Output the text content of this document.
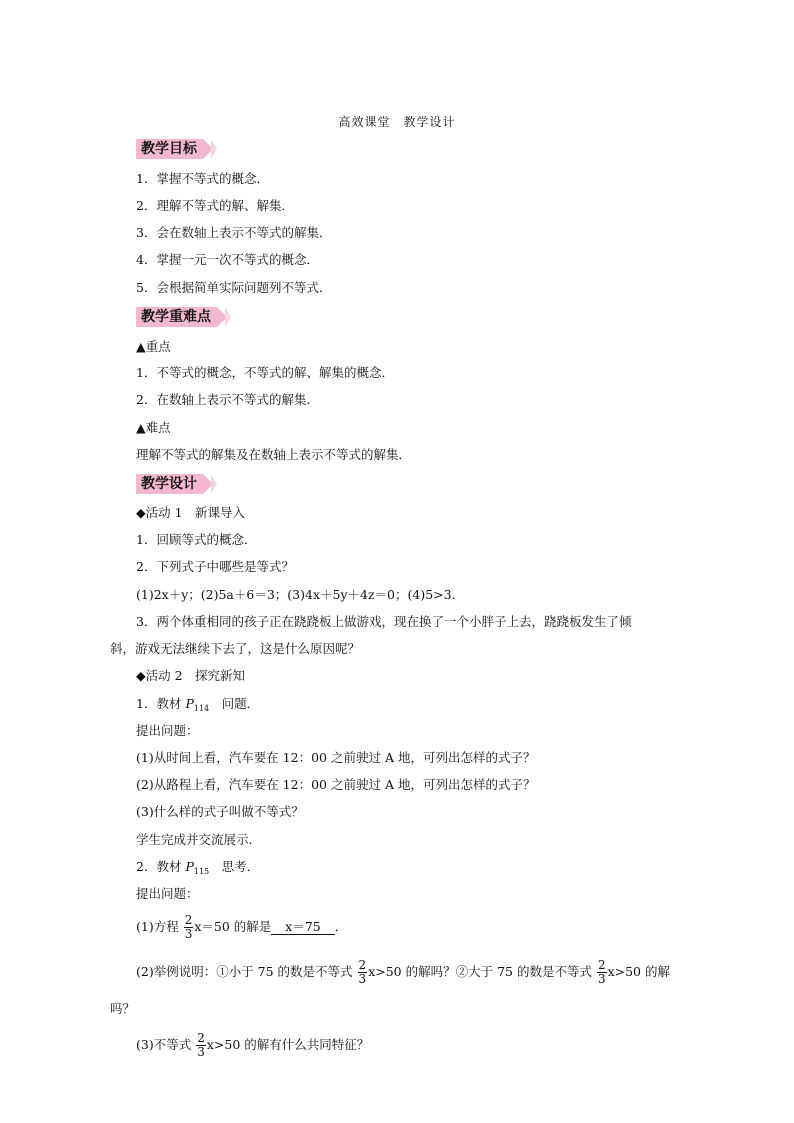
高效课堂　教学设计
教学目标
1．掌握不等式的概念．
2．理解不等式的解、解集．
3．会在数轴上表示不等式的解集．
4．掌握一元一次不等式的概念．
5．会根据简单实际问题列不等式．
教学重难点
▲重点
1．不等式的概念，不等式的解、解集的概念．
2．在数轴上表示不等式的解集．
▲难点
理解不等式的解集及在数轴上表示不等式的解集．
教学设计
◆活动 1　新课导入
1．回顾等式的概念．
2．下列式子中哪些是等式？
(1)2x＋y；(2)5a＋6＝3；(3)4x＋5y＋4z＝0；(4)5>3.
3．两个体重相同的孩子正在跷跷板上做游戏，现在换了一个小胖子上去，跷跷板发生了倾
斜，游戏无法继续下去了，这是什么原因呢？
◆活动 2　探究新知
1．教材 $P_{114}$　问题．
提出问题：
(1)从时间上看，汽车要在 12：00 之前驶过 A 地，可列出怎样的式子？
(2)从路程上看，汽车要在 12：00 之前驶过 A 地，可列出怎样的式子？
(3)什么样的式子叫做不等式？
学生完成并交流展示．
2．教材 $P_{115}$　思考．
提出问题：
(1)方程 $\frac{2}{3} x=50$ 的解是 x＝75 ．
(2)举例说明：①小于 75 的数是不等式 $\frac{2}{3} x>50$ 的解吗？②大于 75 的数是不等式 $\frac{2}{3} x>50$ 的解
吗？
(3)不等式 $\frac{2}{3} x>50$ 的解有什么共同特征？
